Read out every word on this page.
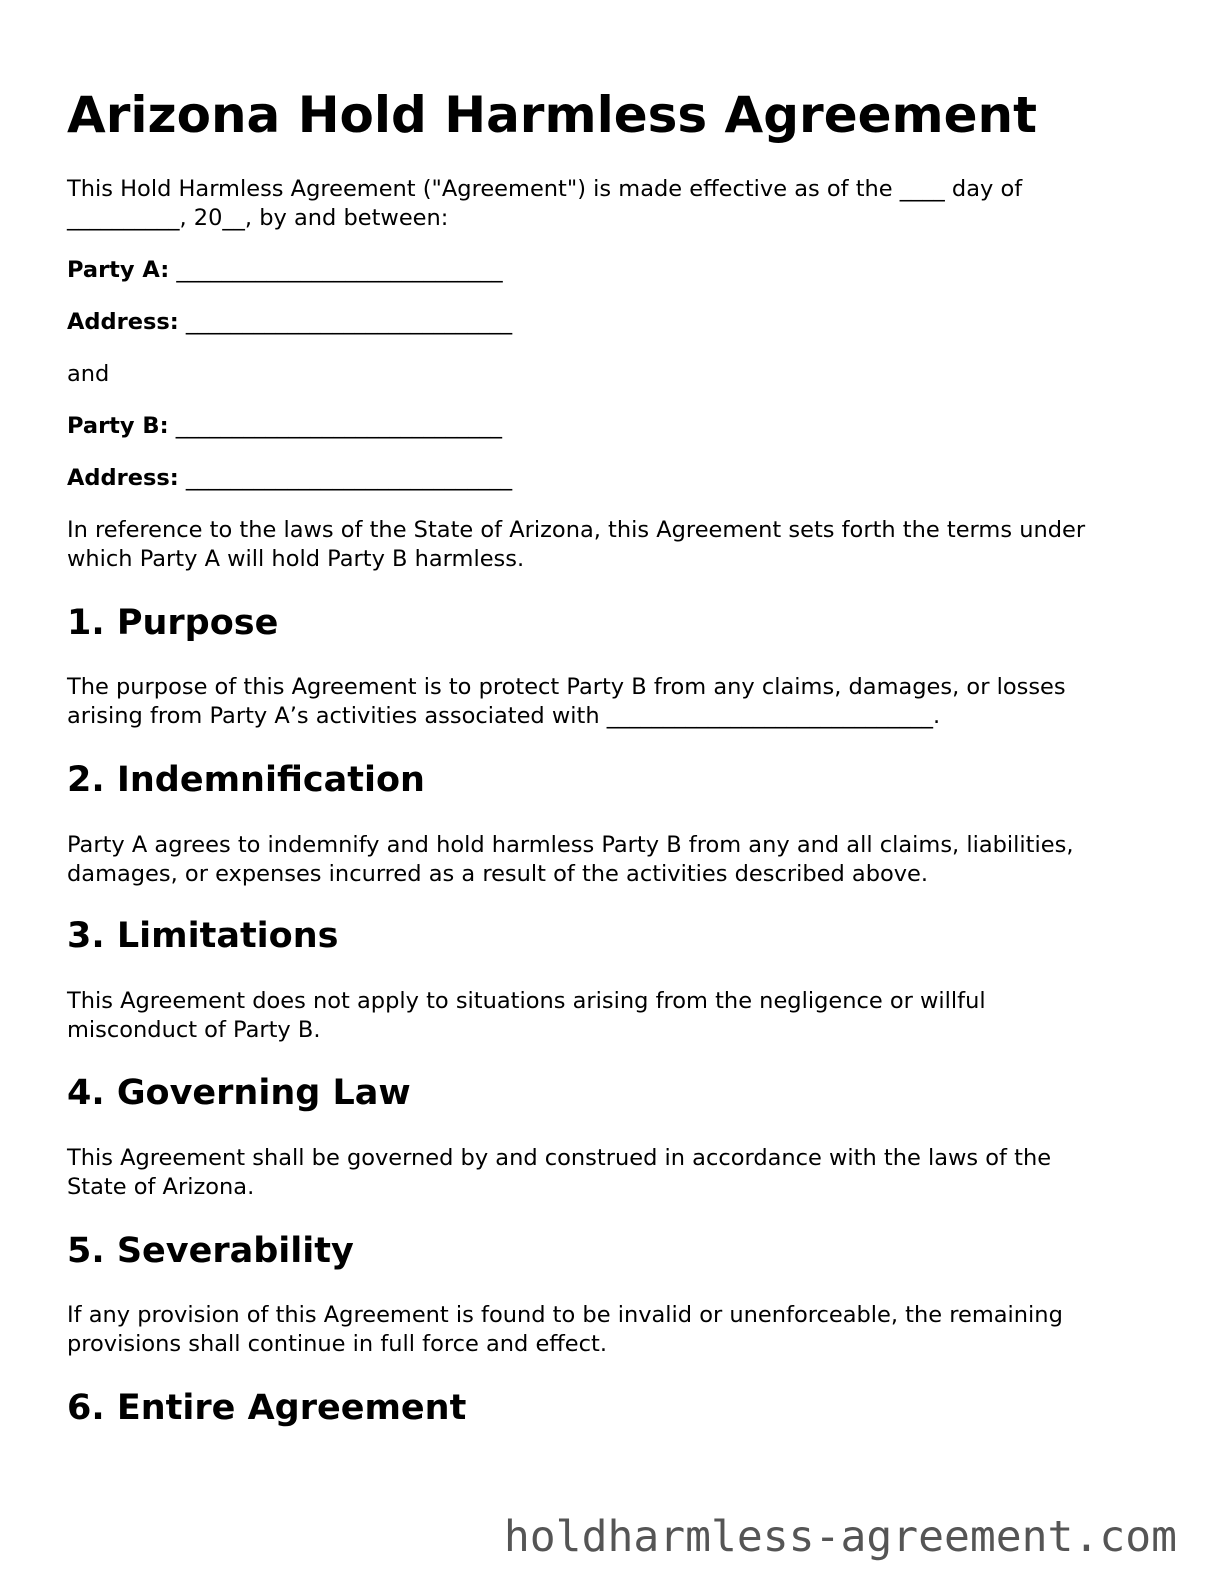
Arizona Hold Harmless Agreement

This Hold Harmless Agreement ("Agreement") is made effective as of the ____ day of
__________, 20__, by and between:

Party A: _____________________________

Address: _____________________________

and

Party B: _____________________________

Address: _____________________________

In reference to the laws of the State of Arizona, this Agreement sets forth the terms under
which Party A will hold Party B harmless.

1. Purpose

The purpose of this Agreement is to protect Party B from any claims, damages, or losses
arising from Party A’s activities associated with _____________________________.

2. Indemnification

Party A agrees to indemnify and hold harmless Party B from any and all claims, liabilities,
damages, or expenses incurred as a result of the activities described above.

3. Limitations

This Agreement does not apply to situations arising from the negligence or willful
misconduct of Party B.

4. Governing Law

This Agreement shall be governed by and construed in accordance with the laws of the
State of Arizona.

5. Severability

If any provision of this Agreement is found to be invalid or unenforceable, the remaining
provisions shall continue in full force and effect.

6. Entire Agreement

holdharmless-agreement.com
